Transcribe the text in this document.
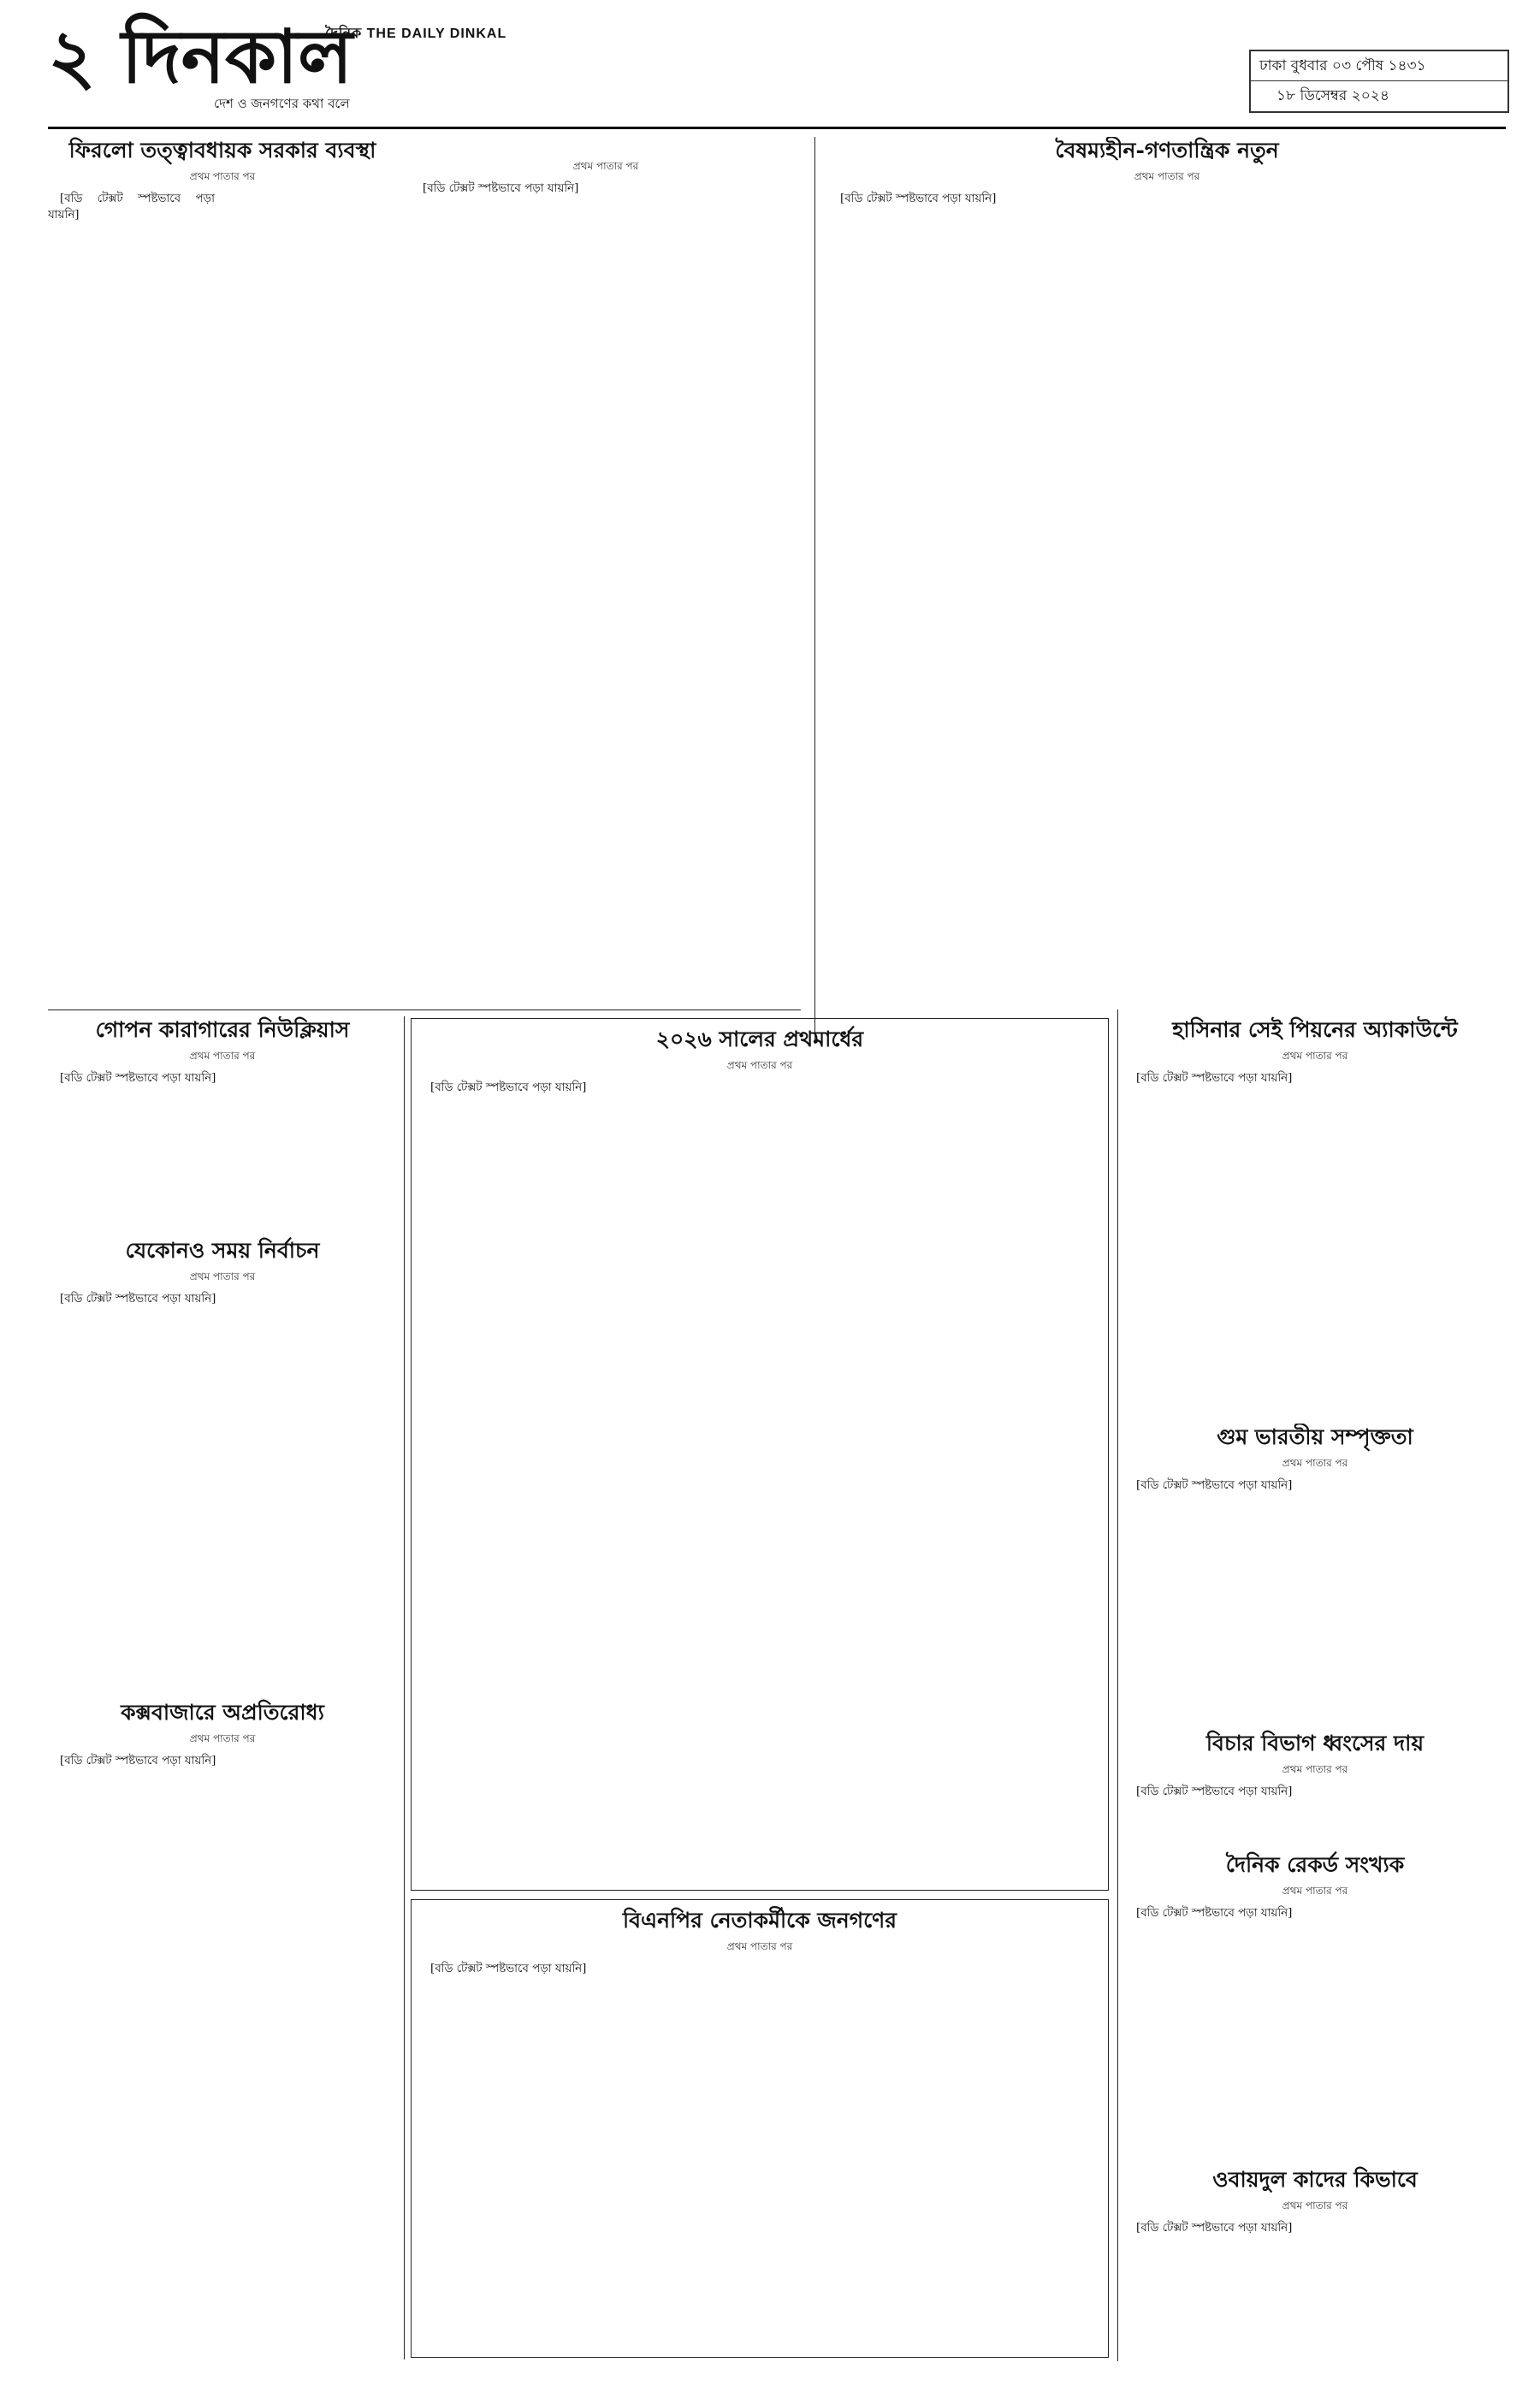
২ দিনকাল
দৈনিক THE DAILY DINKAL
দেশ ও জনগণের কথা বলে
ঢাকা বুধবার ০৩ পৌষ ১৪৩১
১৮ ডিসেম্বর ২০২৪
ফিরলো তত্ত্বাবধায়ক সরকার ব্যবস্থা
প্রথম পাতার পর

[বডি টেক্সট স্পষ্টভাবে পড়া যায়নি]

প্রথম পাতার পর

[বডি টেক্সট স্পষ্টভাবে পড়া যায়নি]

বৈষম্যহীন-গণতান্ত্রিক নতুন
প্রথম পাতার পর

[বডি টেক্সট স্পষ্টভাবে পড়া যায়নি]

গোপন কারাগারের নিউক্লিয়াস
প্রথম পাতার পর

[বডি টেক্সট স্পষ্টভাবে পড়া যায়নি]

যেকোনও সময় নির্বাচন
প্রথম পাতার পর

[বডি টেক্সট স্পষ্টভাবে পড়া যায়নি]

কক্সবাজারে অপ্রতিরোধ্য
প্রথম পাতার পর

[বডি টেক্সট স্পষ্টভাবে পড়া যায়নি]

২০২৬ সালের প্রথমার্ধের
প্রথম পাতার পর

[বডি টেক্সট স্পষ্টভাবে পড়া যায়নি]

বিএনপির নেতাকর্মীকে জনগণের
প্রথম পাতার পর

[বডি টেক্সট স্পষ্টভাবে পড়া যায়নি]

হাসিনার সেই পিয়নের অ্যাকাউন্টে
প্রথম পাতার পর

[বডি টেক্সট স্পষ্টভাবে পড়া যায়নি]

গুম ভারতীয় সম্পৃক্ততা
প্রথম পাতার পর

[বডি টেক্সট স্পষ্টভাবে পড়া যায়নি]

বিচার বিভাগ ধ্বংসের দায়
প্রথম পাতার পর

[বডি টেক্সট স্পষ্টভাবে পড়া যায়নি]

দৈনিক রেকর্ড সংখ্যক
প্রথম পাতার পর

[বডি টেক্সট স্পষ্টভাবে পড়া যায়নি]

ওবায়দুল কাদের কিভাবে
প্রথম পাতার পর

[বডি টেক্সট স্পষ্টভাবে পড়া যায়নি]
